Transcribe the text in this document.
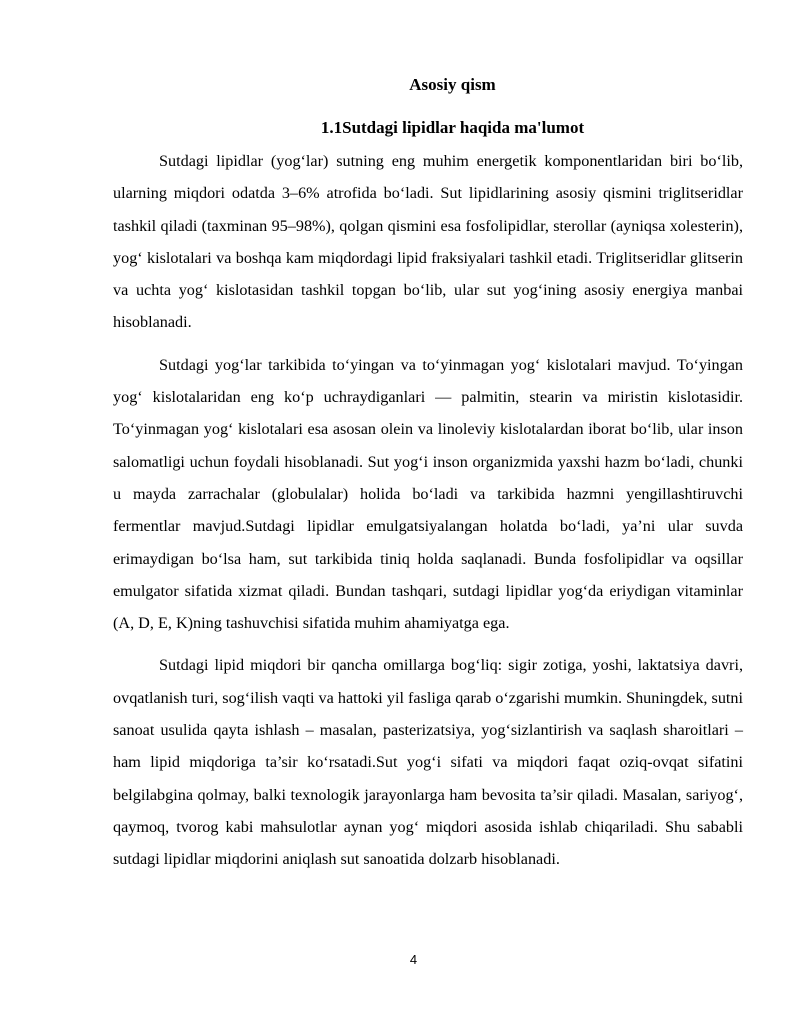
Asosiy qism
1.1Sutdagi lipidlar haqida ma'lumot

Sutdagi lipidlar (yog‘lar) sutning eng muhim energetik komponentlaridan biri bo‘lib, ularning miqdori odatda 3–6% atrofida bo‘ladi. Sut lipidlarining asosiy qismini triglitseridlar tashkil qiladi (taxminan 95–98%), qolgan qismini esa fosfolipidlar, sterollar (ayniqsa xolesterin), yog‘ kislotalari va boshqa kam miqdordagi lipid fraksiyalari tashkil etadi. Triglitseridlar glitserin va uchta yog‘ kislotasidan tashkil topgan bo‘lib, ular sut yog‘ining asosiy energiya manbai hisoblanadi.

Sutdagi yog‘lar tarkibida to‘yingan va to‘yinmagan yog‘ kislotalari mavjud. To‘yingan yog‘ kislotalaridan eng ko‘p uchraydiganlari — palmitin, stearin va miristin kislotasidir. To‘yinmagan yog‘ kislotalari esa asosan olein va linoleviy kislotalardan iborat bo‘lib, ular inson salomatligi uchun foydali hisoblanadi. Sut yog‘i inson organizmida yaxshi hazm bo‘ladi, chunki u mayda zarrachalar (globulalar) holida bo‘ladi va tarkibida hazmni yengillashtiruvchi fermentlar mavjud.Sutdagi lipidlar emulgatsiyalangan holatda bo‘ladi, ya’ni ular suvda erimaydigan bo‘lsa ham, sut tarkibida tiniq holda saqlanadi. Bunda fosfolipidlar va oqsillar emulgator sifatida xizmat qiladi. Bundan tashqari, sutdagi lipidlar yog‘da eriydigan vitaminlar (A, D, E, K)ning tashuvchisi sifatida muhim ahamiyatga ega.

Sutdagi lipid miqdori bir qancha omillarga bog‘liq: sigir zotiga, yoshi, laktatsiya davri, ovqatlanish turi, sog‘ilish vaqti va hattoki yil fasliga qarab o‘zgarishi mumkin. Shuningdek, sutni sanoat usulida qayta ishlash – masalan, pasterizatsiya, yog‘sizlantirish va saqlash sharoitlari – ham lipid miqdoriga ta’sir ko‘rsatadi.Sut yog‘i sifati va miqdori faqat oziq-ovqat sifatini belgilabgina qolmay, balki texnologik jarayonlarga ham bevosita ta’sir qiladi. Masalan, sariyog‘, qaymoq, tvorog kabi mahsulotlar aynan yog‘ miqdori asosida ishlab chiqariladi. Shu sababli sutdagi lipidlar miqdorini aniqlash sut sanoatida dolzarb hisoblanadi.

4
